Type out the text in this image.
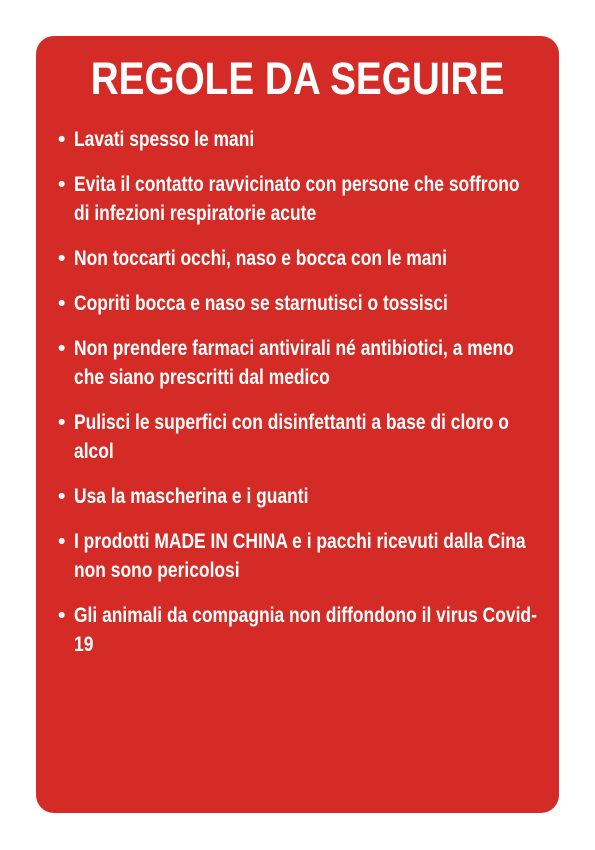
REGOLE DA SEGUIRE
• Lavati spesso le mani
• Evita il contatto ravvicinato con persone che soffrono di infezioni respiratorie acute
• Non toccarti occhi, naso e bocca con le mani
• Copriti bocca e naso se starnutisci o tossisci
• Non prendere farmaci antivirali né antibiotici, a meno che siano prescritti dal medico
• Pulisci le superfici con disinfettanti a base di cloro o alcol
• Usa la mascherina e i guanti
• I prodotti MADE IN CHINA e i pacchi ricevuti dalla Cina non sono pericolosi
• Gli animali da compagnia non diffondono il virus Covid-19
